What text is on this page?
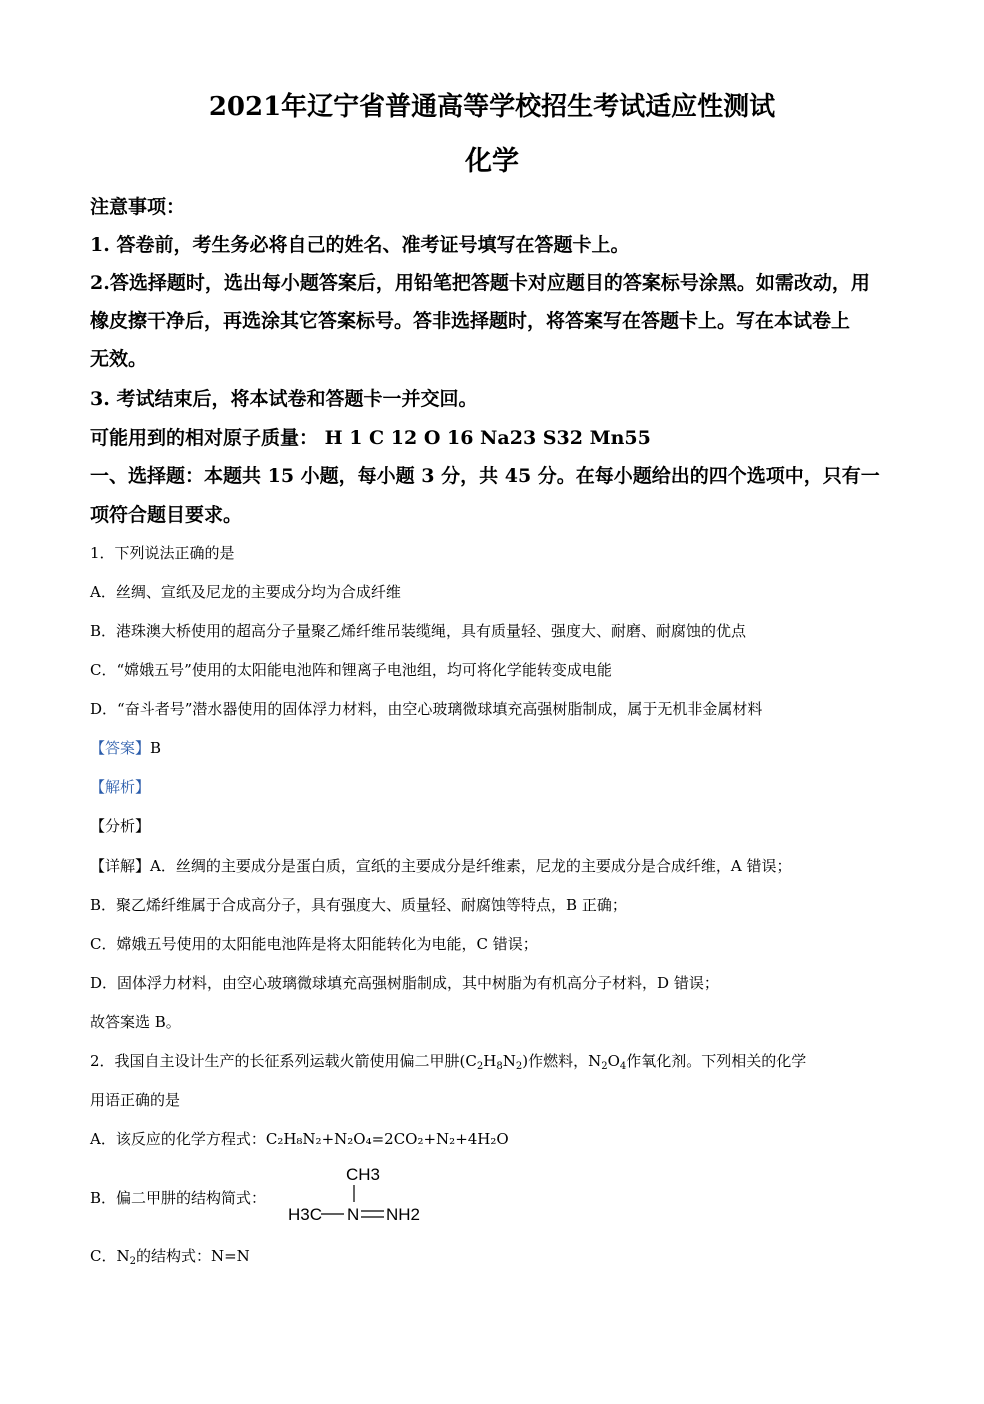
2021年辽宁省普通高等学校招生考试适应性测试
化学
注意事项：
1. 答卷前，考生务必将自己的姓名、准考证号填写在答题卡上。
2.答选择题时，选出每小题答案后，用铅笔把答题卡对应题目的答案标号涂黑。如需改动，用
橡皮擦干净后，再选涂其它答案标号。答非选择题时，将答案写在答题卡上。写在本试卷上
无效。
3. 考试结束后，将本试卷和答题卡一并交回。
可能用到的相对原子质量： H 1 C 12 O 16 Na23 S32 Mn55
一、选择题：本题共 15 小题，每小题 3 分，共 45 分。在每小题给出的四个选项中，只有一
项符合题目要求。
1．下列说法正确的是
A．丝绸、宣纸及尼龙的主要成分均为合成纤维
B．港珠澳大桥使用的超高分子量聚乙烯纤维吊装缆绳，具有质量轻、强度大、耐磨、耐腐蚀的优点
C．“嫦娥五号”使用的太阳能电池阵和锂离子电池组，均可将化学能转变成电能
D．“奋斗者号”潜水器使用的固体浮力材料，由空心玻璃微球填充高强树脂制成，属于无机非金属材料
【答案】B
【解析】
【分析】
【详解】A．丝绸的主要成分是蛋白质，宣纸的主要成分是纤维素，尼龙的主要成分是合成纤维，A 错误；
B．聚乙烯纤维属于合成高分子，具有强度大、质量轻、耐腐蚀等特点，B 正确；
C．嫦娥五号使用的太阳能电池阵是将太阳能转化为电能，C 错误；
D．固体浮力材料，由空心玻璃微球填充高强树脂制成，其中树脂为有机高分子材料，D 错误；
故答案选 B。
2．我国自主设计生产的长征系列运载火箭使用偏二甲肼$(C_2H_8N_2)$作燃料，$N_2O_4$作氧化剂。下列相关的化学
用语正确的是
A．该反应的化学方程式：C₂H₈N₂+N₂O₄=2CO₂+N₂+4H₂O
B．偏二甲肼的结构简式：
CH3
H3C N NH2
C．$N_2$的结构式：N=N
